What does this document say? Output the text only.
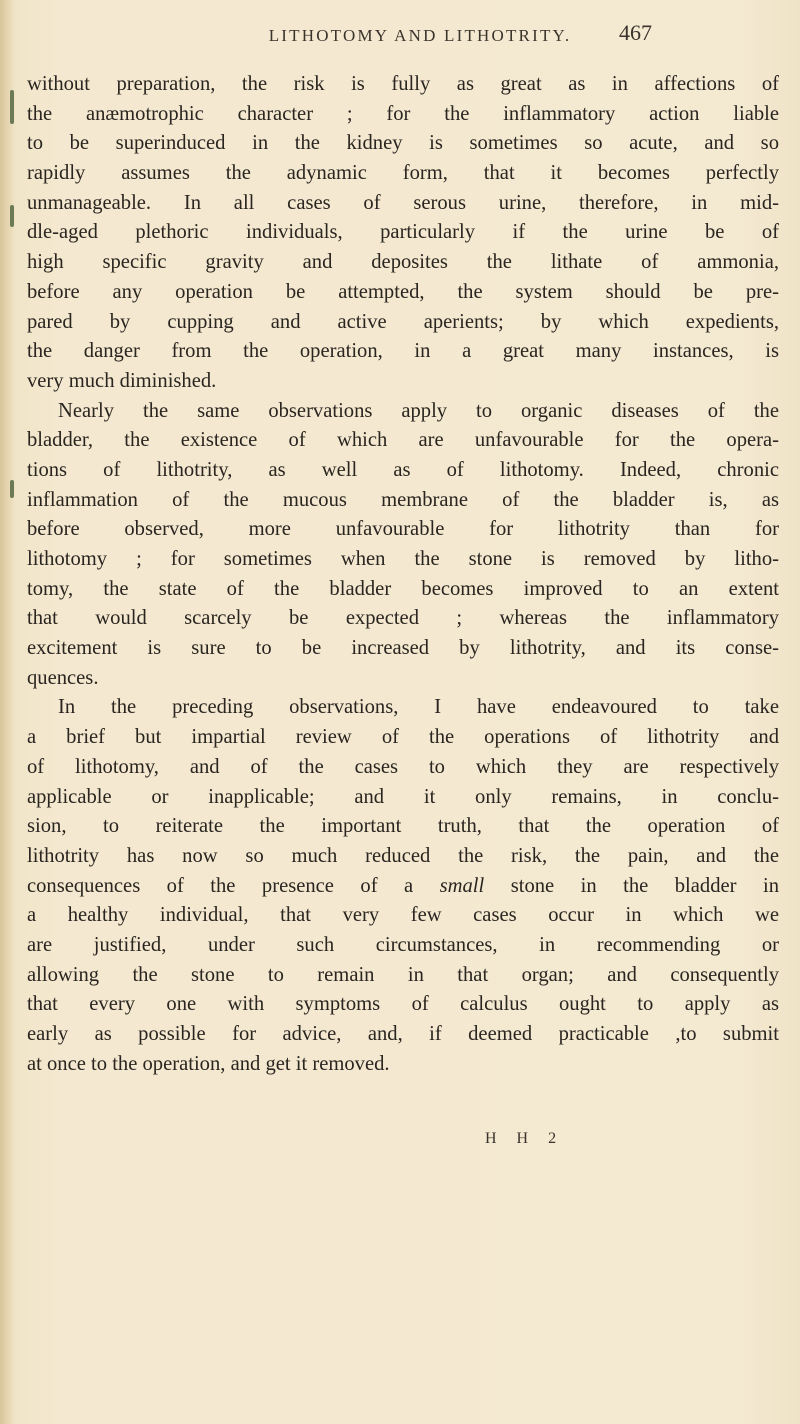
LITHOTOMY AND LITHOTRITY.	467
without preparation, the risk is fully as great as in affections of
the anæmotrophic character ; for the inflammatory action liable
to be superinduced in the kidney is sometimes so acute, and so
rapidly assumes the adynamic form, that it becomes perfectly
unmanageable. In all cases of serous urine, therefore, in mid-
dle-aged plethoric individuals, particularly if the urine be of
high specific gravity and deposites the lithate of ammonia,
before any operation be attempted, the system should be pre-
pared by cupping and active aperients; by which expedients,
the danger from the operation, in a great many instances, is
very much diminished.
Nearly the same observations apply to organic diseases of the
bladder, the existence of which are unfavourable for the opera-
tions of lithotrity, as well as of lithotomy. Indeed, chronic
inflammation of the mucous membrane of the bladder is, as
before observed, more unfavourable for lithotrity than for
lithotomy ; for sometimes when the stone is removed by litho-
tomy, the state of the bladder becomes improved to an extent
that would scarcely be expected ; whereas the inflammatory
excitement is sure to be increased by lithotrity, and its conse-
quences.
In the preceding observations, I have endeavoured to take
a brief but impartial review of the operations of lithotrity and
of lithotomy, and of the cases to which they are respectively
applicable or inapplicable; and it only remains, in conclu-
sion, to reiterate the important truth, that the operation of
lithotrity has now so much reduced the risk, the pain, and the
consequences of the presence of a small stone in the bladder in
a healthy individual, that very few cases occur in which we
are justified, under such circumstances, in recommending or
allowing the stone to remain in that organ; and consequently
that every one with symptoms of calculus ought to apply as
early as possible for advice, and, if deemed practicable ,to submit
at once to the operation, and get it removed.
H H 2
